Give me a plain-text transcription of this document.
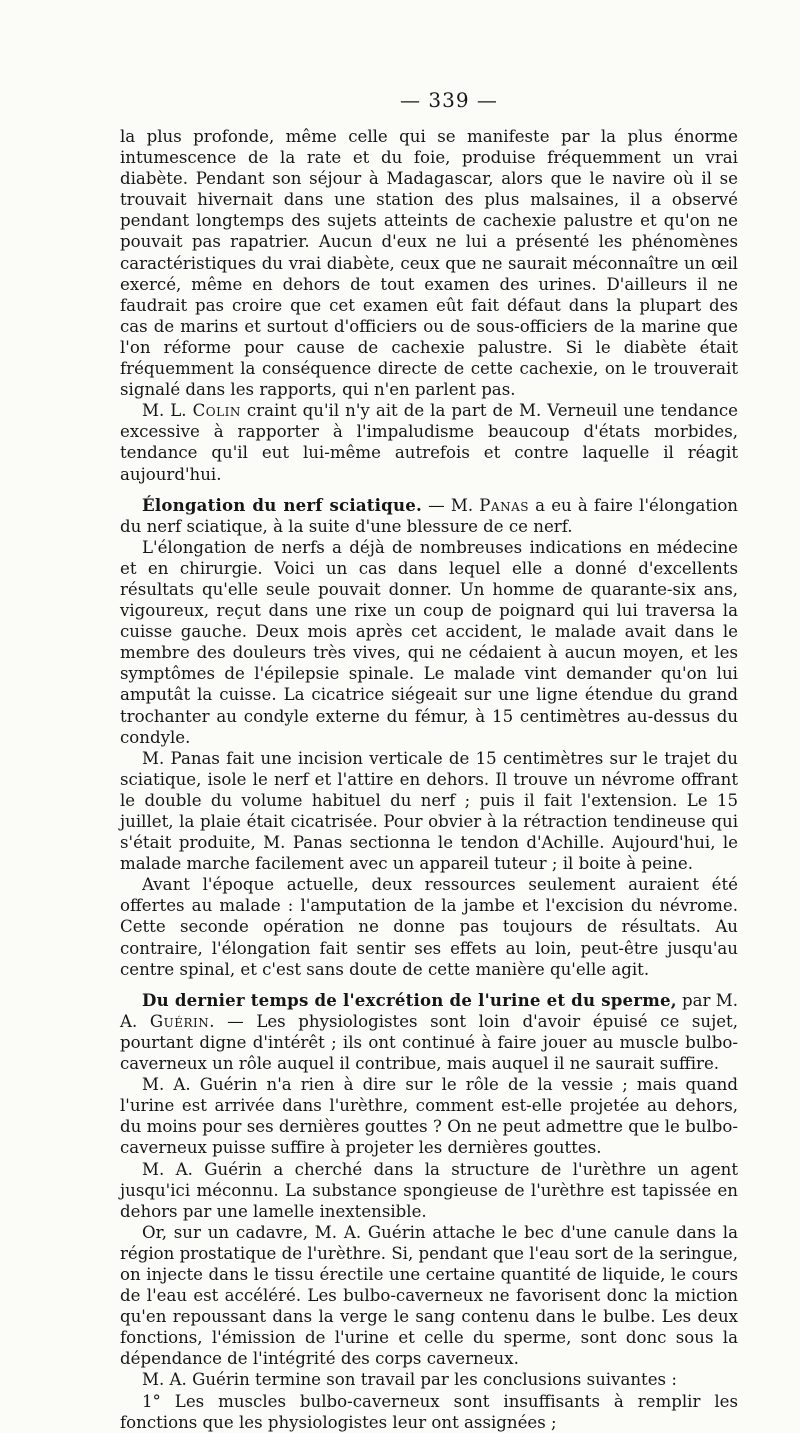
— 339 —

la plus profonde, même celle qui se manifeste par la plus énorme intumescence de la rate et du foie, produise fréquemment un vrai diabète. Pendant son séjour à Madagascar, alors que le navire où il se trouvait hivernait dans une station des plus malsaines, il a observé pendant longtemps des sujets atteints de cachexie palustre et qu'on ne pouvait pas rapatrier. Aucun d'eux ne lui a présenté les phénomènes caractéristiques du vrai diabète, ceux que ne saurait méconnaître un œil exercé, même en dehors de tout examen des urines. D'ailleurs il ne faudrait pas croire que cet examen eût fait défaut dans la plupart des cas de marins et surtout d'officiers ou de sous-officiers de la marine que l'on réforme pour cause de cachexie palustre. Si le diabète était fréquemment la conséquence directe de cette cachexie, on le trouverait signalé dans les rapports, qui n'en parlent pas.

M. L. Colin craint qu'il n'y ait de la part de M. Verneuil une tendance excessive à rapporter à l'impaludisme beaucoup d'états morbides, tendance qu'il eut lui-même autrefois et contre laquelle il réagit aujourd'hui.

Élongation du nerf sciatique. — M. Panas a eu à faire l'élongation du nerf sciatique, à la suite d'une blessure de ce nerf.

L'élongation de nerfs a déjà de nombreuses indications en médecine et en chirurgie. Voici un cas dans lequel elle a donné d'excellents résultats qu'elle seule pouvait donner. Un homme de quarante-six ans, vigoureux, reçut dans une rixe un coup de poignard qui lui traversa la cuisse gauche. Deux mois après cet accident, le malade avait dans le membre des douleurs très vives, qui ne cédaient à aucun moyen, et les symptômes de l'épilepsie spinale. Le malade vint demander qu'on lui amputât la cuisse. La cicatrice siégeait sur une ligne étendue du grand trochanter au condyle externe du fémur, à 15 centimètres au-dessus du condyle.

M. Panas fait une incision verticale de 15 centimètres sur le trajet du sciatique, isole le nerf et l'attire en dehors. Il trouve un névrome offrant le double du volume habituel du nerf ; puis il fait l'extension. Le 15 juillet, la plaie était cicatrisée. Pour obvier à la rétraction tendineuse qui s'était produite, M. Panas sectionna le tendon d'Achille. Aujourd'hui, le malade marche facilement avec un appareil tuteur ; il boite à peine.

Avant l'époque actuelle, deux ressources seulement auraient été offertes au malade : l'amputation de la jambe et l'excision du névrome. Cette seconde opération ne donne pas toujours de résultats. Au contraire, l'élongation fait sentir ses effets au loin, peut-être jusqu'au centre spinal, et c'est sans doute de cette manière qu'elle agit.

Du dernier temps de l'excrétion de l'urine et du sperme, par M. A. Guérin. — Les physiologistes sont loin d'avoir épuisé ce sujet, pourtant digne d'intérêt ; ils ont continué à faire jouer au muscle bulbo-caverneux un rôle auquel il contribue, mais auquel il ne saurait suffire.

M. A. Guérin n'a rien à dire sur le rôle de la vessie ; mais quand l'urine est arrivée dans l'urèthre, comment est-elle projetée au dehors, du moins pour ses dernières gouttes ? On ne peut admettre que le bulbo-caverneux puisse suffire à projeter les dernières gouttes.

M. A. Guérin a cherché dans la structure de l'urèthre un agent jusqu'ici méconnu. La substance spongieuse de l'urèthre est tapissée en dehors par une lamelle inextensible.

Or, sur un cadavre, M. A. Guérin attache le bec d'une canule dans la région prostatique de l'urèthre. Si, pendant que l'eau sort de la seringue, on injecte dans le tissu érectile une certaine quantité de liquide, le cours de l'eau est accéléré. Les bulbo-caverneux ne favorisent donc la miction qu'en repoussant dans la verge le sang contenu dans le bulbe. Les deux fonctions, l'émission de l'urine et celle du sperme, sont donc sous la dépendance de l'intégrité des corps caverneux.

M. A. Guérin termine son travail par les conclusions suivantes :

1° Les muscles bulbo-caverneux sont insuffisants à remplir les fonctions que les physiologistes leur ont assignées ;
